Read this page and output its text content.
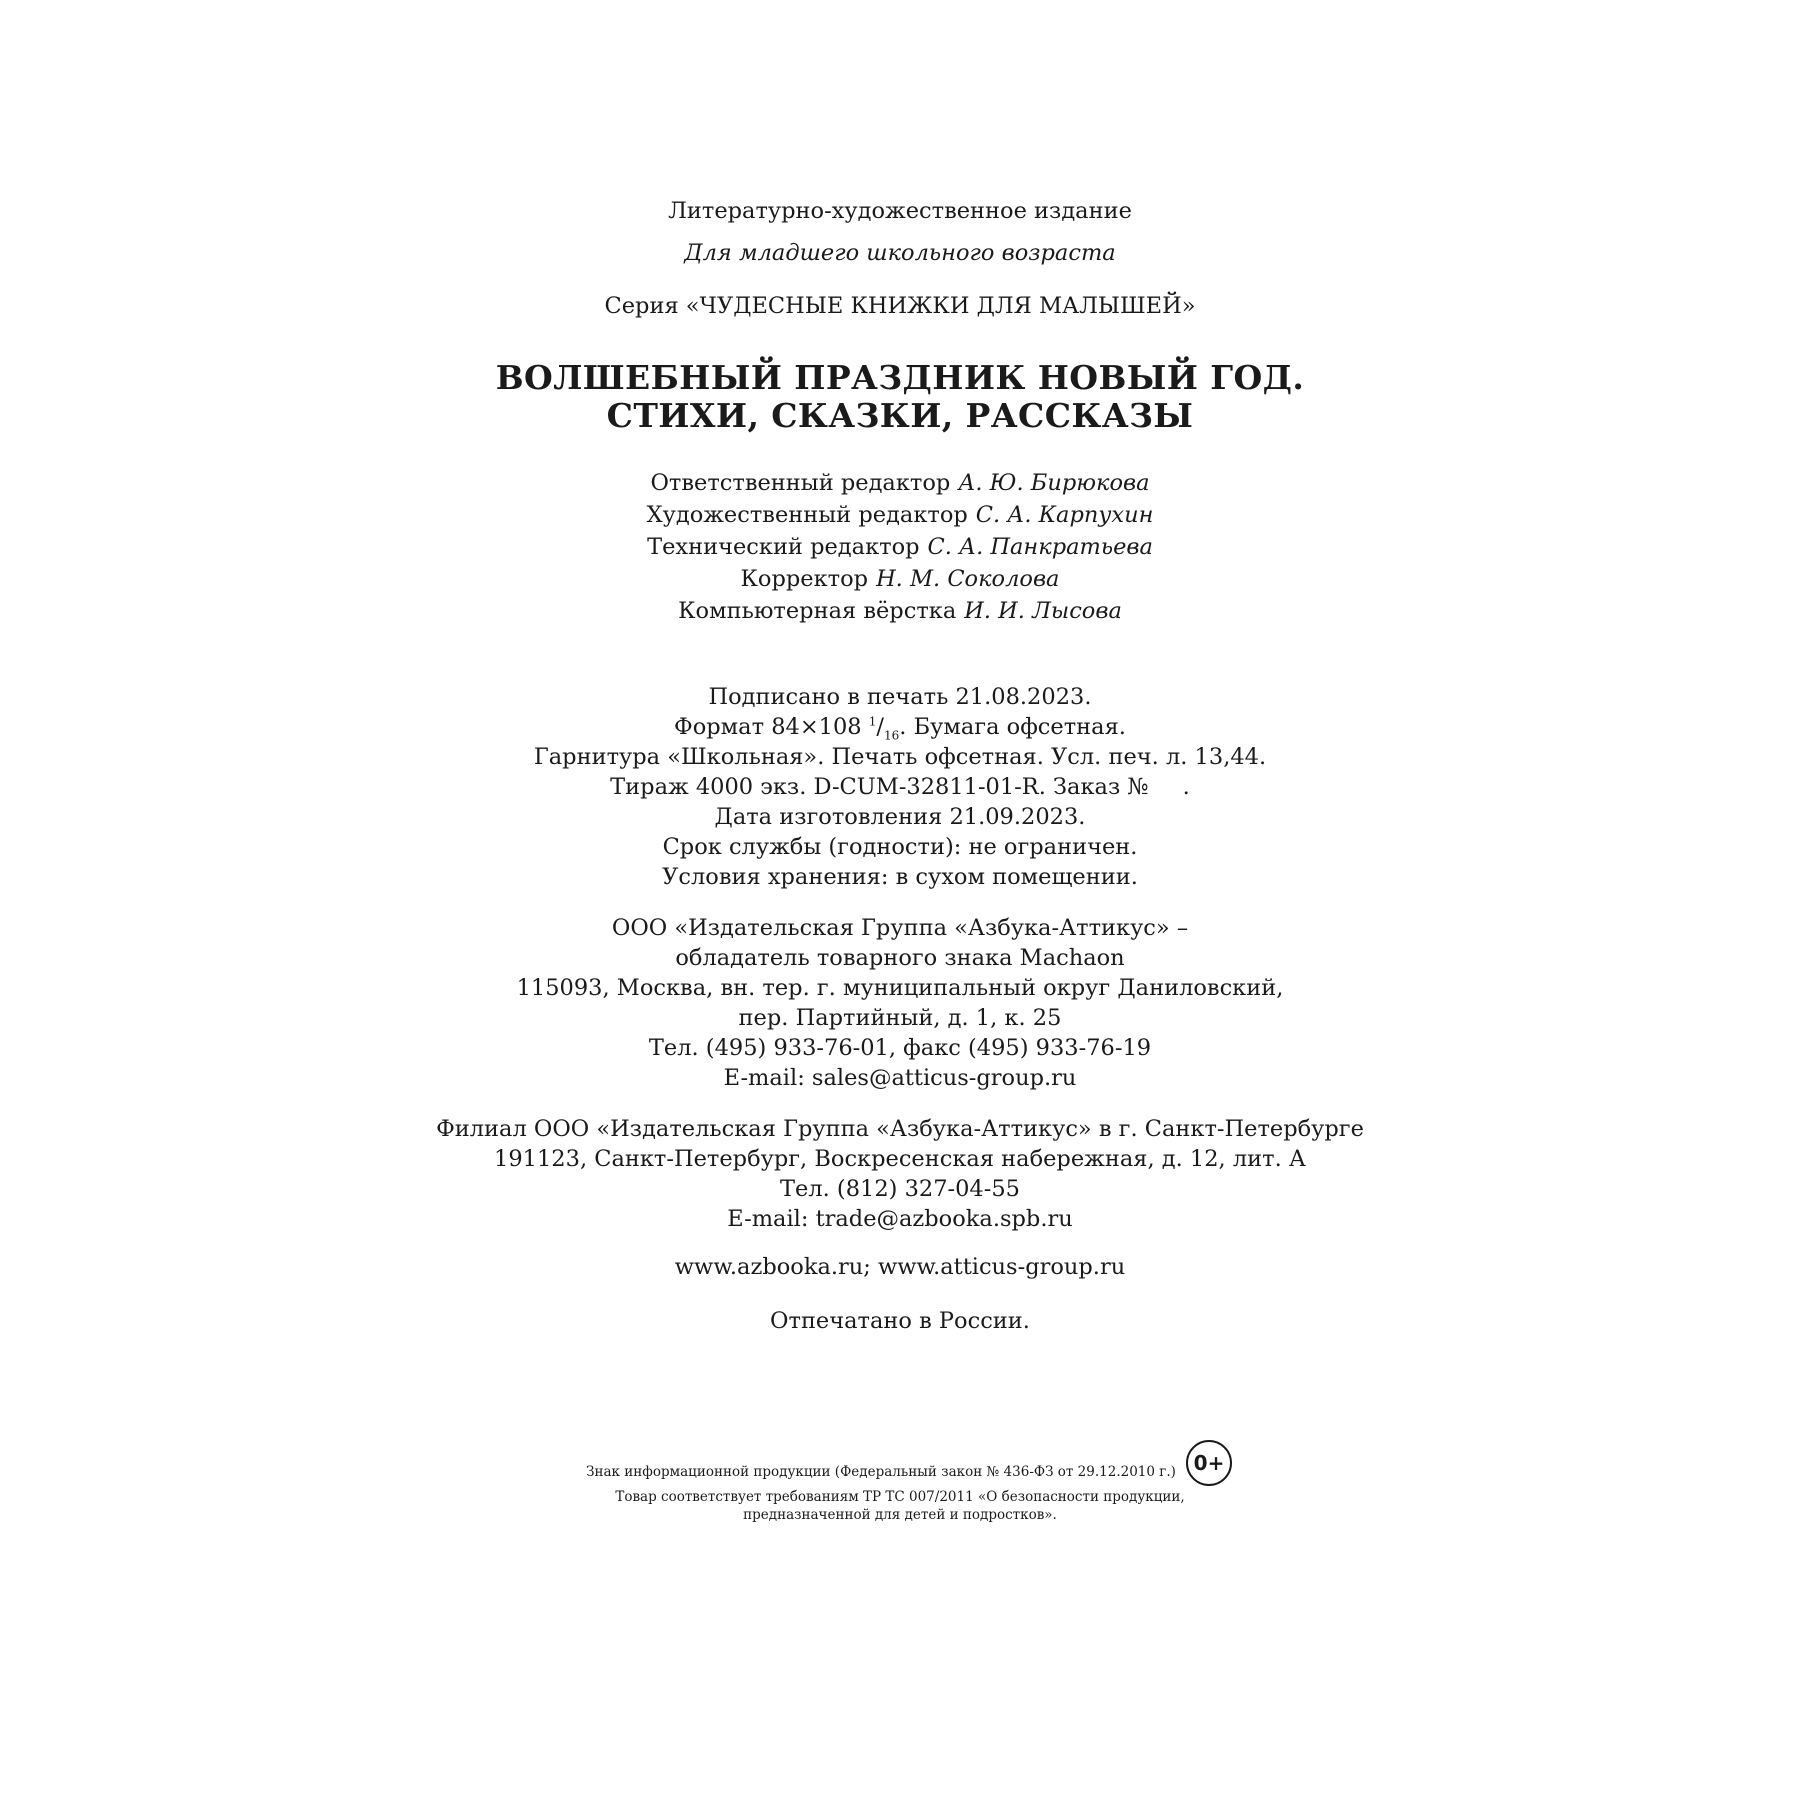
Литературно-художественное издание
Для младшего школьного возраста
Серия «ЧУДЕСНЫЕ КНИЖКИ ДЛЯ МАЛЫШЕЙ»
ВОЛШЕБНЫЙ ПРАЗДНИК НОВЫЙ ГОД.
СТИХИ, СКАЗКИ, РАССКАЗЫ
Ответственный редактор А. Ю. Бирюкова
Художественный редактор С. А. Карпухин
Технический редактор С. А. Панкратьева
Корректор Н. М. Соколова
Компьютерная вёрстка И. И. Лысова
Подписано в печать 21.08.2023.
Формат 84×108 $^1/_{16}$. Бумага офсетная.
Гарнитура «Школьная». Печать офсетная. Усл. печ. л. 13,44.
Тираж 4000 экз. D-CUM-32811-01-R. Заказ № .
Дата изготовления 21.09.2023.
Срок службы (годности): не ограничен.
Условия хранения: в сухом помещении.
ООО «Издательская Группа «Азбука-Аттикус» –
обладатель товарного знака Machaon
115093, Москва, вн. тер. г. муниципальный округ Даниловский,
пер. Партийный, д. 1, к. 25
Тел. (495) 933-76-01, факс (495) 933-76-19
E-mail: sales@atticus-group.ru
Филиал ООО «Издательская Группа «Азбука-Аттикус» в г. Санкт-Петербурге
191123, Санкт-Петербург, Воскресенская набережная, д. 12, лит. А
Тел. (812) 327-04-55
E-mail: trade@azbooka.spb.ru
www.azbooka.ru; www.atticus-group.ru
Отпечатано в России.
Знак информационной продукции (Федеральный закон № 436-ФЗ от 29.12.2010 г.) 0+
Товар соответствует требованиям ТР ТС 007/2011 «О безопасности продукции,
предназначенной для детей и подростков».
